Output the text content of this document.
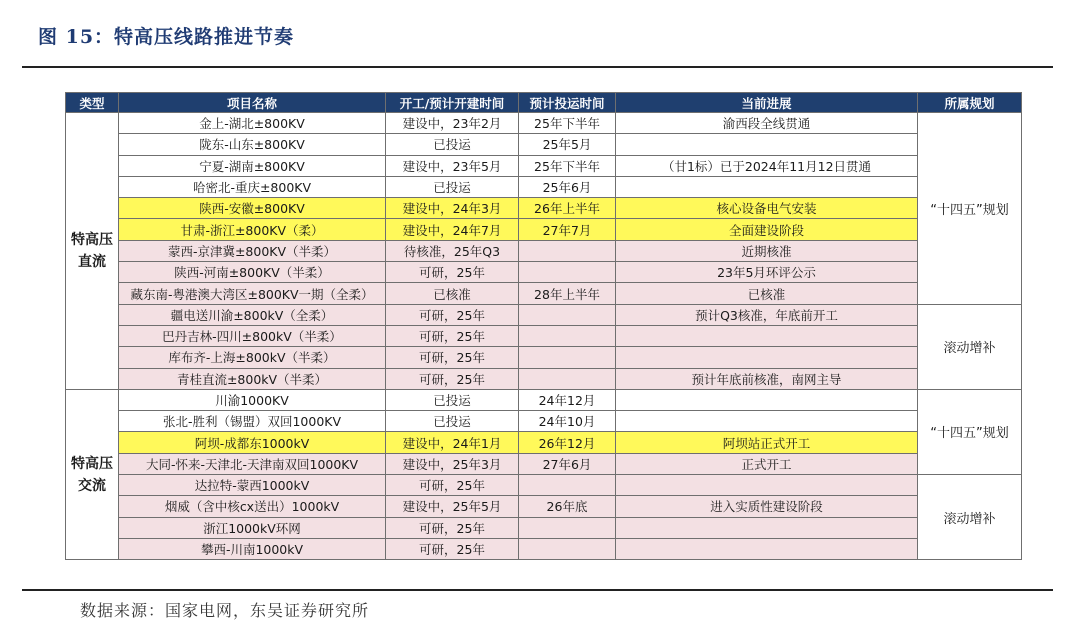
图 15：特高压线路推进节奏
类型	项目名称	开工/预计开建时间	预计投运时间	当前进展	所属规划
特高压
直流	金上-湖北±800KV	建设中，23年2月	25年下半年	渝西段全线贯通	“十四五”规划
	陇东-山东±800KV	已投运	25年5月		
	宁夏-湖南±800KV	建设中，23年5月	25年下半年	（甘1标）已于2024年11月12日贯通	
	哈密北-重庆±800KV	已投运	25年6月		
	陕西-安徽±800KV	建设中，24年3月	26年上半年	核心设备电气安装	
	甘肃-浙江±800KV（柔）	建设中，24年7月	27年7月	全面建设阶段	
	蒙西-京津冀±800KV（半柔）	待核准，25年Q3		近期核准	
	陕西-河南±800KV（半柔）	可研，25年		23年5月环评公示	
	藏东南-粤港澳大湾区±800KV一期（全柔）	已核准	28年上半年	已核准	
	疆电送川渝±800kV（全柔）	可研，25年		预计Q3核准，年底前开工	滚动增补
	巴丹吉林-四川±800kV（半柔）	可研，25年			
	库布齐-上海±800kV（半柔）	可研，25年			
	青桂直流±800kV（半柔）	可研，25年		预计年底前核准，南网主导	
特高压
交流	川渝1000KV	已投运	24年12月		“十四五”规划
	张北-胜利（锡盟）双回1000KV	已投运	24年10月		
	阿坝-成都东1000kV	建设中，24年1月	26年12月	阿坝站正式开工	
	大同-怀来-天津北-天津南双回1000KV	建设中，25年3月	27年6月	正式开工	
	达拉特-蒙西1000kV	可研，25年			滚动增补
	烟威（含中核cx送出）1000kV	建设中，25年5月	26年底	进入实质性建设阶段	
	浙江1000kV环网	可研，25年			
	攀西-川南1000kV	可研，25年			
数据来源：国家电网，东吴证券研究所
